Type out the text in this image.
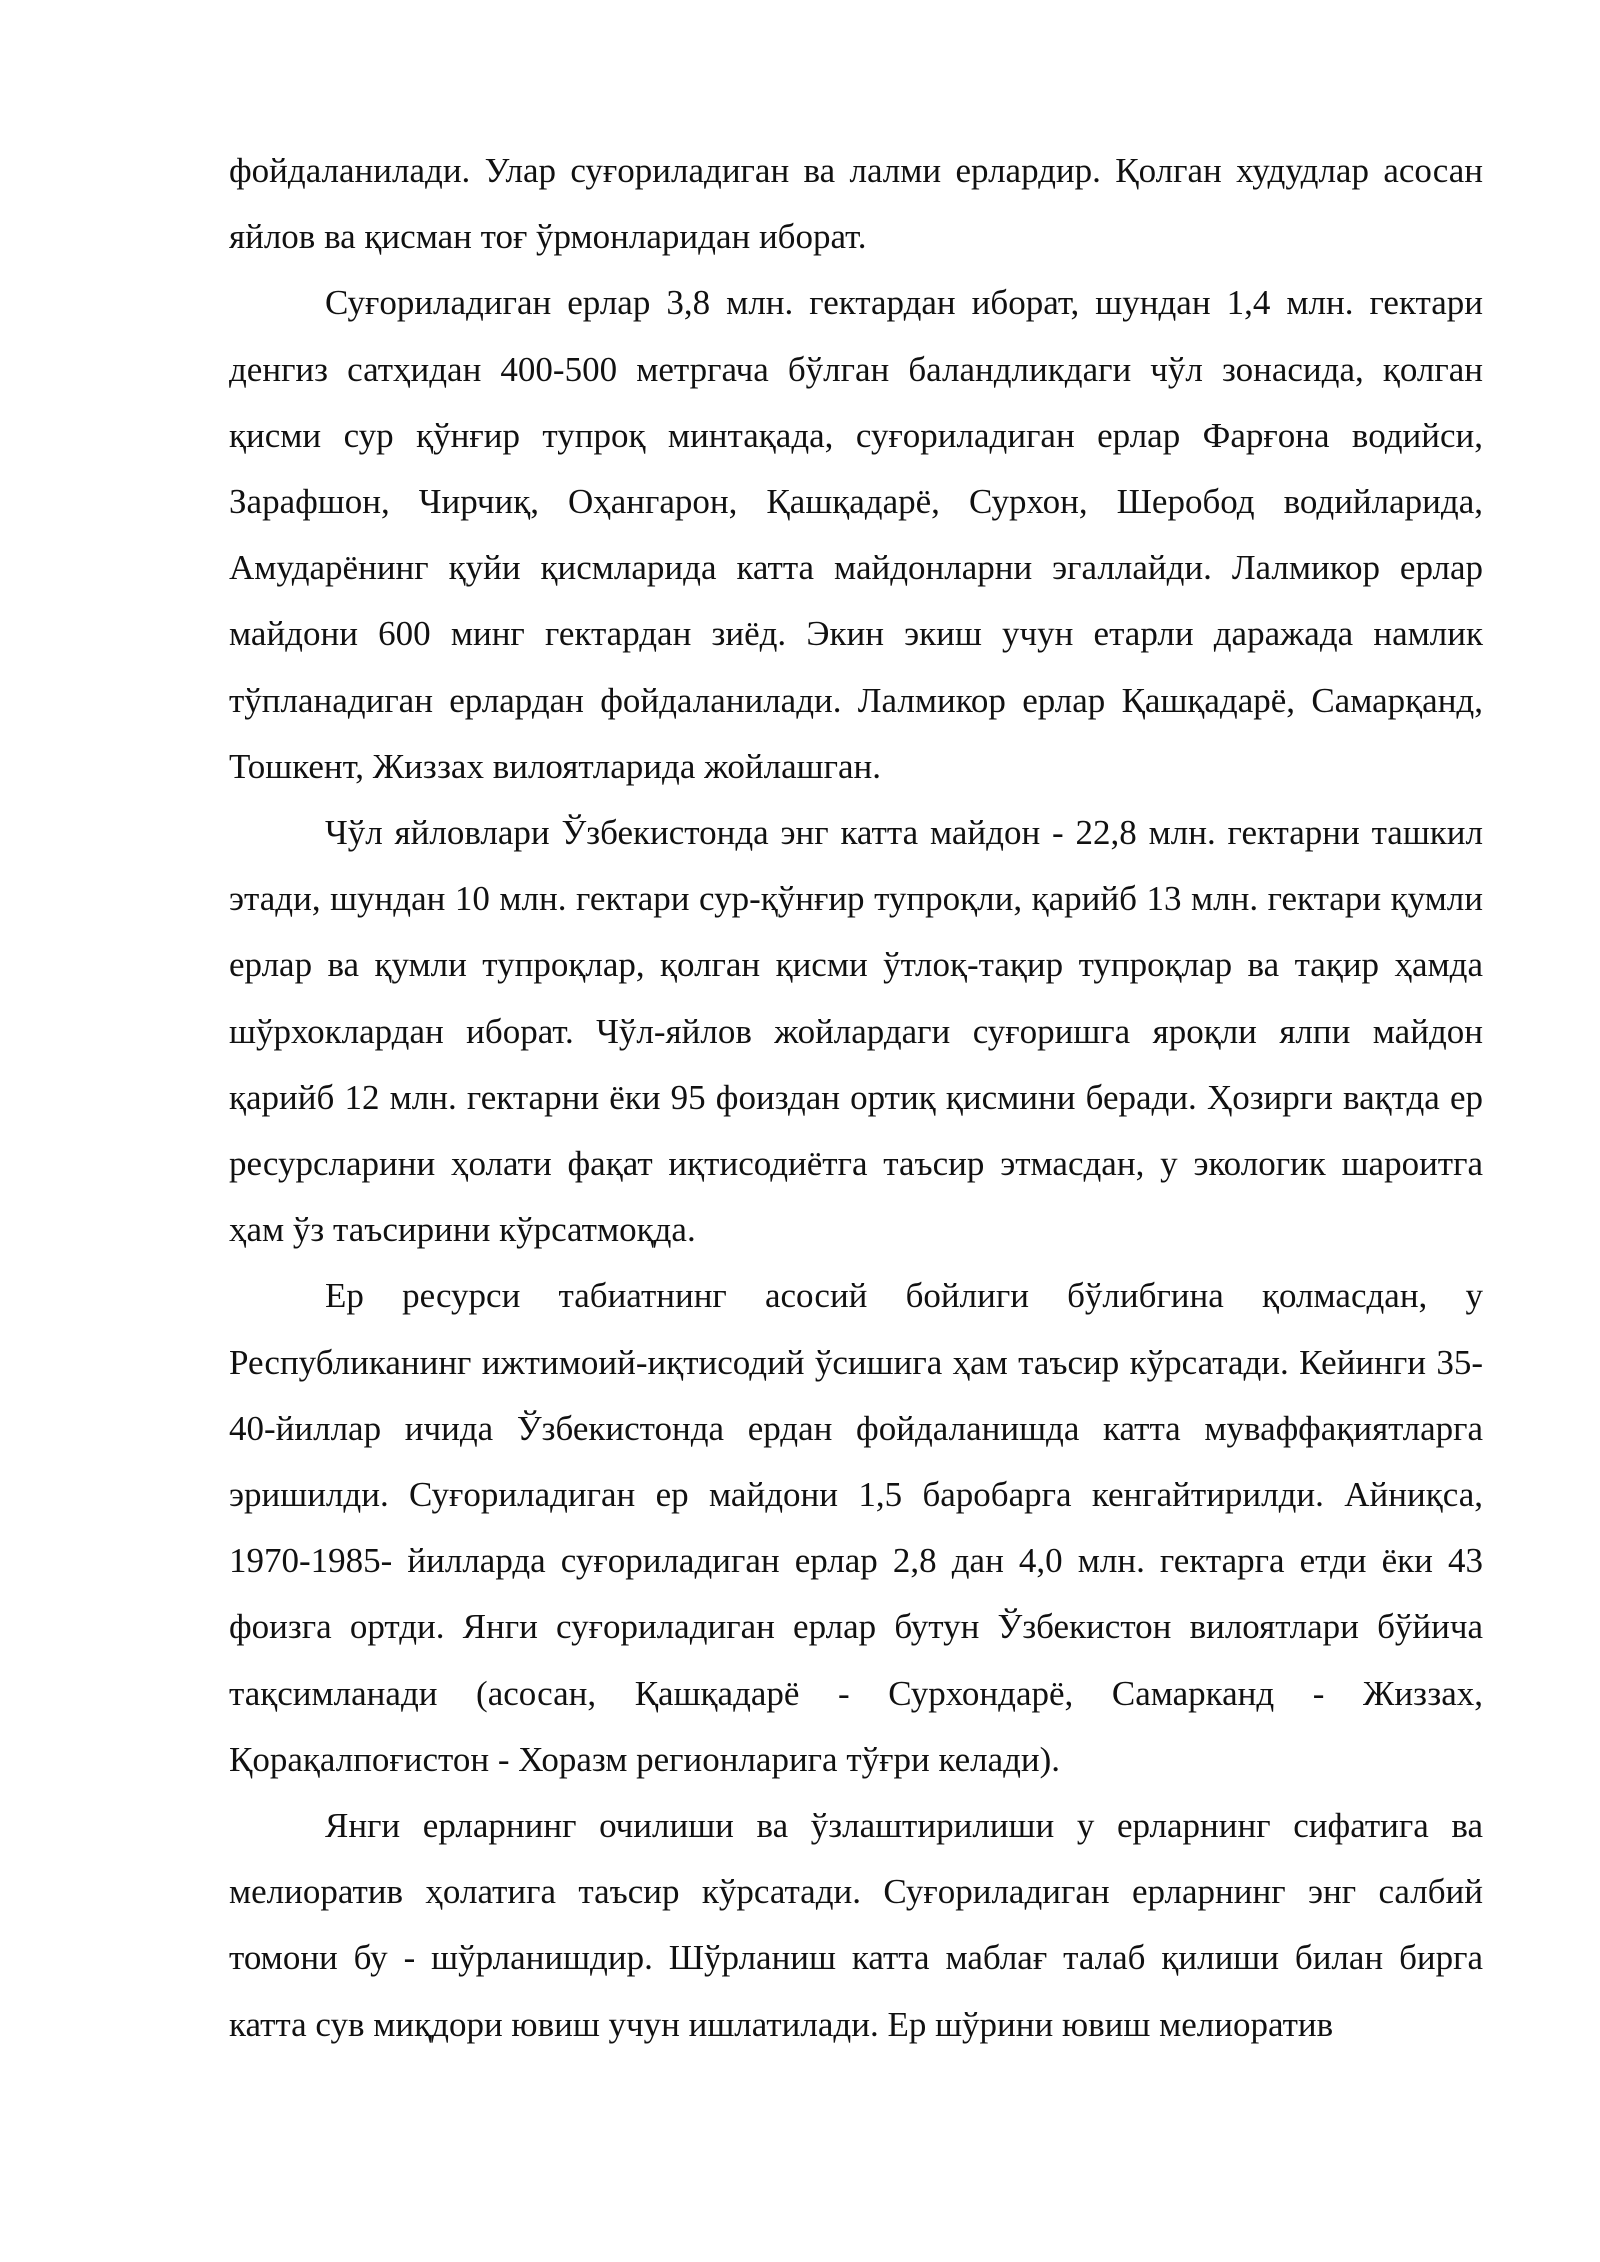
фойдаланилади. Улар суғориладиган ва лалми ерлардир. Қолган худудлар асосан яйлов ва қисман тоғ ўрмонларидан иборат.

Суғориладиган ерлар 3,8 млн. гектардан иборат, шундан 1,4 млн. гектари денгиз сатҳидан 400-500 метргача бўлган баландликдаги чўл зонасида, қолган қисми сур қўнғир тупроқ минтақада, суғориладиган ерлар Фарғона водийси, Зарафшон, Чирчиқ, Оҳангарон, Қашқадарё, Сурхон, Шеробод водийларида, Амударёнинг қуйи қисмларида катта майдонларни эгаллайди. Лалмикор ерлар майдони 600 минг гектардан зиёд. Экин экиш учун етарли даражада намлик тўпланадиган ерлардан фойдаланилади. Лалмикор ерлар Қашқадарё, Самарқанд, Тошкент, Жиззах вилоятларида жойлашган.

Чўл яйловлари Ўзбекистонда энг катта майдон - 22,8 млн. гектарни ташкил этади, шундан 10 млн. гектари сур-қўнғир тупроқли, қарийб 13 млн. гектари қумли ерлар ва қумли тупроқлар, қолган қисми ўтлоқ-тақир тупроқлар ва тақир ҳамда шўрхоклардан иборат. Чўл-яйлов жойлардаги суғоришга яроқли ялпи майдон қарийб 12 млн. гектарни ёки 95 фоиздан ортиқ қисмини беради. Ҳозирги вақтда ер ресурсларини ҳолати фақат иқтисодиётга таъсир этмасдан, у экологик шароитга ҳам ўз таъсирини кўрсатмоқда.

Ер ресурси табиатнинг асосий бойлиги бўлибгина қолмасдан, у Республиканинг ижтимоий-иқтисодий ўсишига ҳам таъсир кўрсатади. Кейинги 35-40-йиллар ичида Ўзбекистонда ердан фойдаланишда катта муваффақиятларга эришилди. Суғориладиган ер майдони 1,5 баробарга кенгайтирилди. Айниқса, 1970-1985- йилларда суғориладиган ерлар 2,8 дан 4,0 млн. гектарга етди ёки 43 фоизга ортди. Янги суғориладиган ерлар бутун Ўзбекистон вилоятлари бўйича тақсимланади (асосан, Қашқадарё - Сурхондарё, Самарканд - Жиззах, Қорақалпоғистон - Хоразм регионларига тўғри келади).

Янги ерларнинг очилиши ва ўзлаштирилиши у ерларнинг сифатига ва мелиоратив ҳолатига таъсир кўрсатади. Суғориладиган ерларнинг энг салбий томони бу - шўрланишдир. Шўрланиш катта маблағ талаб қилиши билан бирга катта сув миқдори ювиш учун ишлатилади. Ер шўрини ювиш мелиоратив
